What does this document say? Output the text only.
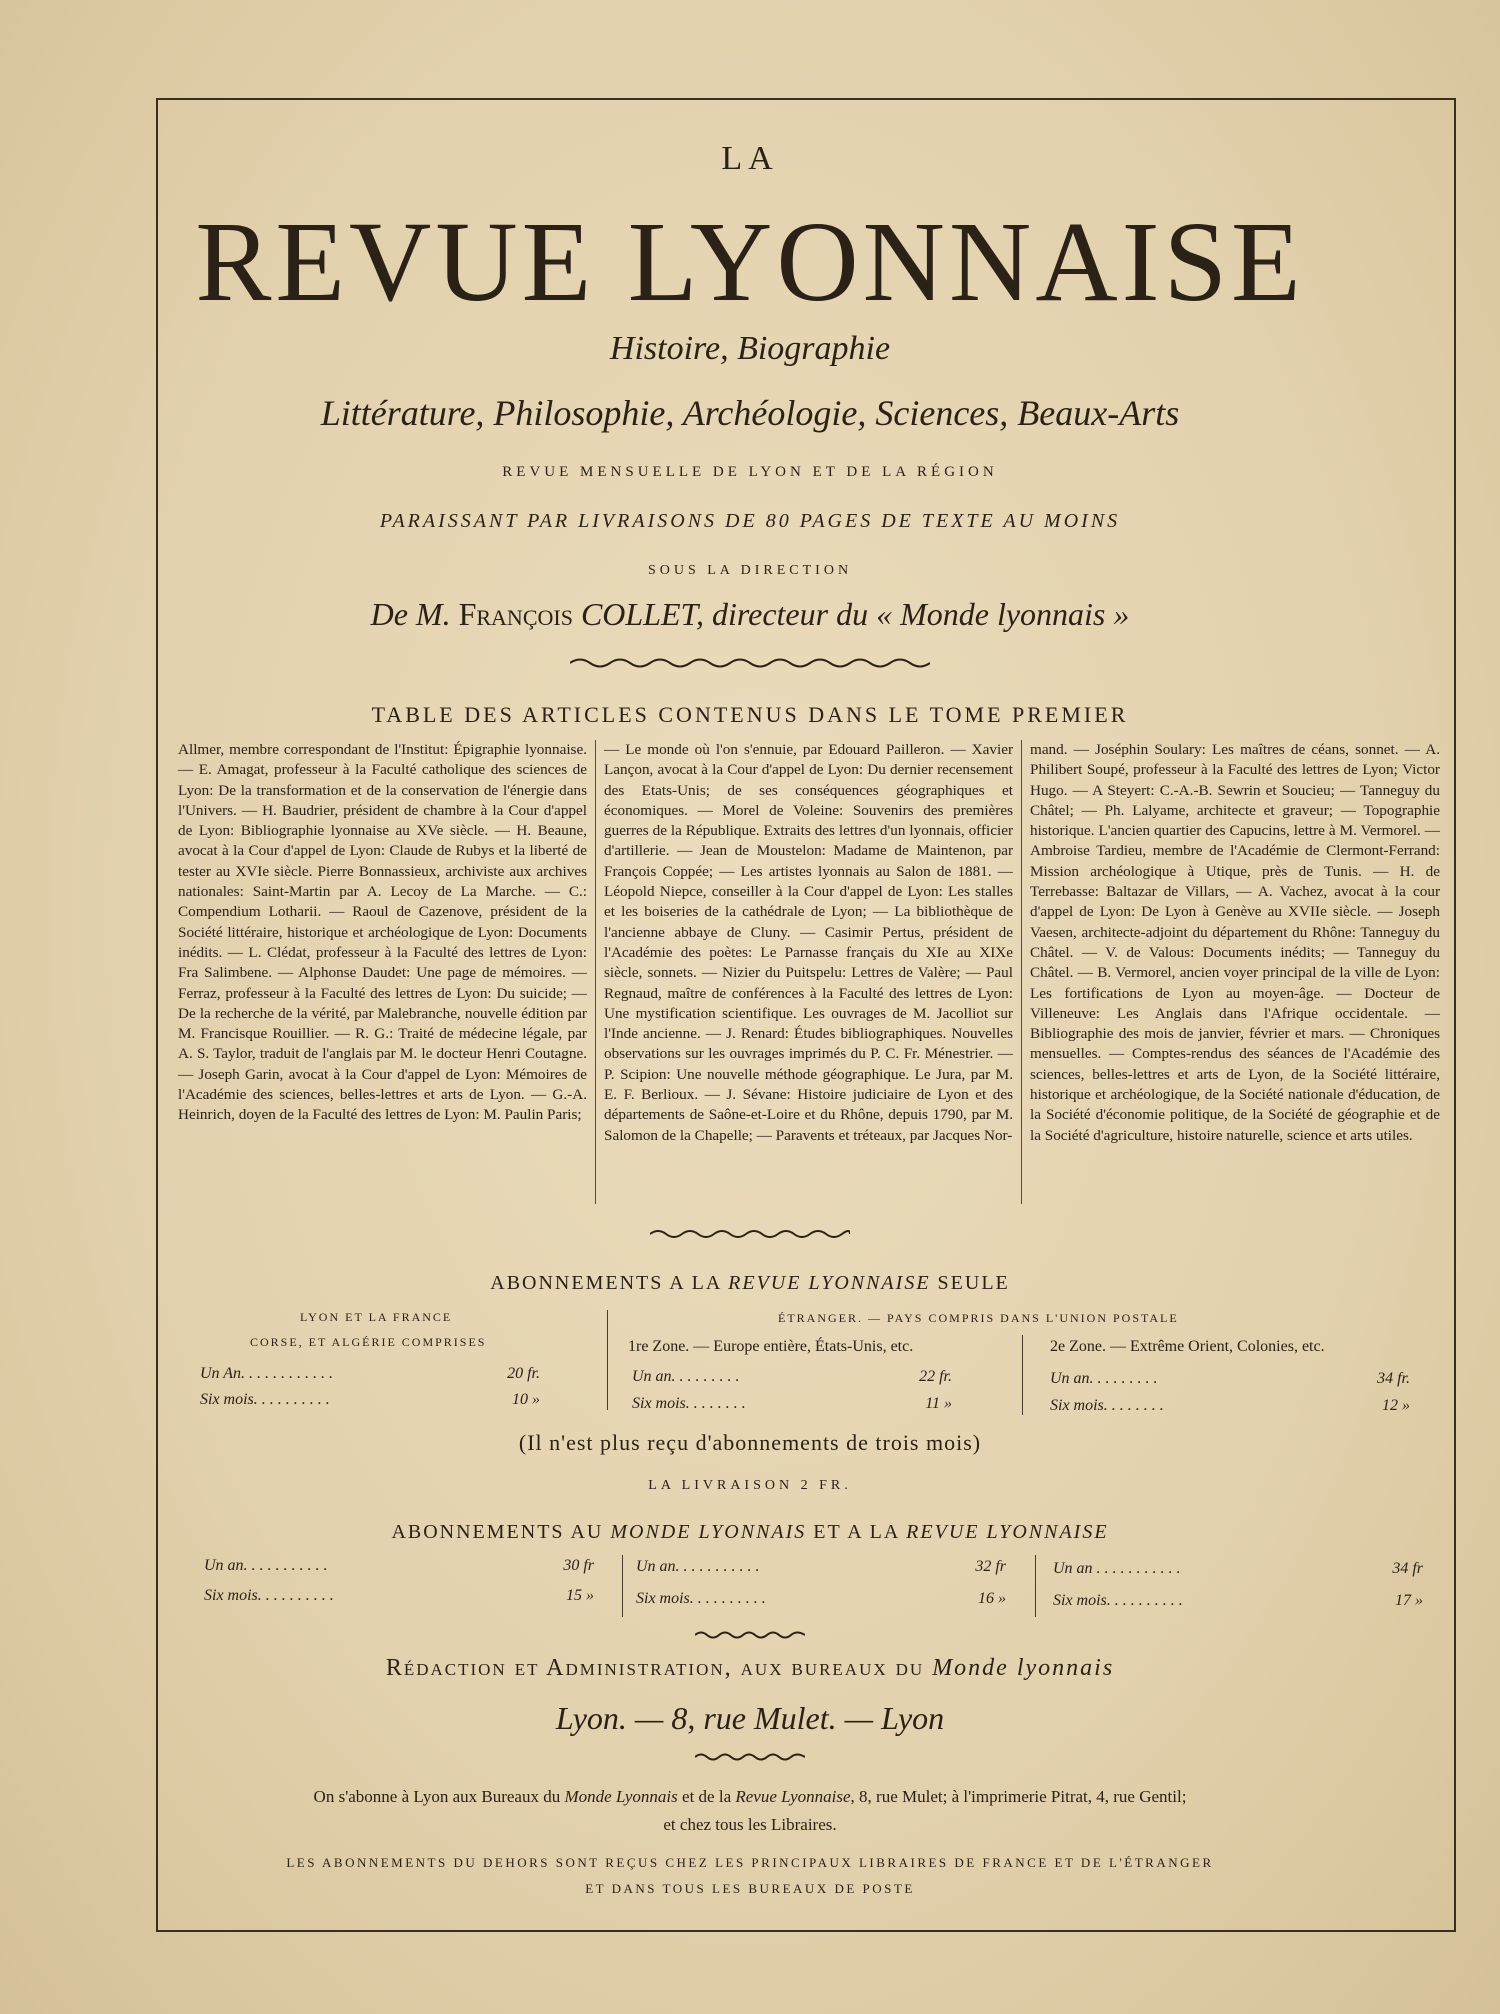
LA
REVUE LYONNAISE
Histoire, Biographie
Littérature, Philosophie, Archéologie, Sciences, Beaux-Arts
REVUE MENSUELLE DE LYON ET DE LA RÉGION
PARAISSANT PAR LIVRAISONS DE 80 PAGES DE TEXTE AU MOINS
SOUS LA DIRECTION
De M. François COLLET, directeur du « Monde lyonnais »
TABLE DES ARTICLES CONTENUS DANS LE TOME PREMIER
Allmer, membre correspondant de l'Institut: Épigraphie lyonnaise. — E. Amagat, professeur à la Faculté catholique des sciences de Lyon: De la transformation et de la conservation de l'énergie dans l'Univers. — H. Baudrier, président de chambre à la Cour d'appel de Lyon: Bibliographie lyonnaise au XVe siècle. — H. Beaune, avocat à la Cour d'appel de Lyon: Claude de Rubys et la liberté de tester au XVIe siècle. Pierre Bonnassieux, archiviste aux archives nationales: Saint-Martin par A. Lecoy de La Marche. — C.: Compendium Lotharii. — Raoul de Cazenove, président de la Société littéraire, historique et archéologique de Lyon: Documents inédits. — L. Clédat, professeur à la Faculté des lettres de Lyon: Fra Salimbene. — Alphonse Daudet: Une page de mémoires. — Ferraz, professeur à la Faculté des lettres de Lyon: Du suicide; — De la recherche de la vérité, par Malebranche, nouvelle édition par M. Francisque Rouillier. — R. G.: Traité de médecine légale, par A. S. Taylor, traduit de l'anglais par M. le docteur Henri Coutagne. — Joseph Garin, avocat à la Cour d'appel de Lyon: Mémoires de l'Académie des sciences, belles-lettres et arts de Lyon. — G.-A. Heinrich, doyen de la Faculté des lettres de Lyon: M. Paulin Paris;
— Le monde où l'on s'ennuie, par Edouard Pailleron. — Xavier Lançon, avocat à la Cour d'appel de Lyon: Du dernier recensement des Etats-Unis; de ses conséquences géographiques et économiques. — Morel de Voleine: Souvenirs des premières guerres de la République. Extraits des lettres d'un lyonnais, officier d'artillerie. — Jean de Moustelon: Madame de Maintenon, par François Coppée; — Les artistes lyonnais au Salon de 1881. — Léopold Niepce, conseiller à la Cour d'appel de Lyon: Les stalles et les boiseries de la cathédrale de Lyon; — La bibliothèque de l'ancienne abbaye de Cluny. — Casimir Pertus, président de l'Académie des poètes: Le Parnasse français du XIe au XIXe siècle, sonnets. — Nizier du Puitspelu: Lettres de Valère; — Paul Regnaud, maître de conférences à la Faculté des lettres de Lyon: Une mystification scientifique. Les ouvrages de M. Jacolliot sur l'Inde ancienne. — J. Renard: Études bibliographiques. Nouvelles observations sur les ouvrages imprimés du P. C. Fr. Ménestrier. — P. Scipion: Une nouvelle méthode géographique. Le Jura, par M. E. F. Berlioux. — J. Sévane: Histoire judiciaire de Lyon et des départements de Saône-et-Loire et du Rhône, depuis 1790, par M. Salomon de la Chapelle; — Paravents et tréteaux, par Jacques Nor-
mand. — Joséphin Soulary: Les maîtres de céans, sonnet. — A. Philibert Soupé, professeur à la Faculté des lettres de Lyon; Victor Hugo. — A Steyert: C.-A.-B. Sewrin et Soucieu; — Tanneguy du Châtel; — Ph. Lalyame, architecte et graveur; — Topographie historique. L'ancien quartier des Capucins, lettre à M. Vermorel. — Ambroise Tardieu, membre de l'Académie de Clermont-Ferrand: Mission archéologique à Utique, près de Tunis. — H. de Terrebasse: Baltazar de Villars, — A. Vachez, avocat à la cour d'appel de Lyon: De Lyon à Genève au XVIIe siècle. — Joseph Vaesen, architecte-adjoint du département du Rhône: Tanneguy du Châtel. — V. de Valous: Documents inédits; — Tanneguy du Châtel. — B. Vermorel, ancien voyer principal de la ville de Lyon: Les fortifications de Lyon au moyen-âge. — Docteur de Villeneuve: Les Anglais dans l'Afrique occidentale. — Bibliographie des mois de janvier, février et mars. — Chroniques mensuelles. — Comptes-rendus des séances de l'Académie des sciences, belles-lettres et arts de Lyon, de la Société littéraire, historique et archéologique, de la Société nationale d'éducation, de la Société d'économie politique, de la Société de géographie et de la Société d'agriculture, histoire naturelle, science et arts utiles.
ABONNEMENTS A LA REVUE LYONNAISE SEULE
LYON ET LA FRANCE
CORSE, ET ALGÉRIE COMPRISES
ÉTRANGER. — PAYS COMPRIS DANS L'UNION POSTALE
1re Zone. — Europe entière, États-Unis, etc.	2e Zone. — Extrême Orient, Colonies, etc.
Un An. . . . . . . . . . . .	20 fr.
Six mois. . . . . . . . . .	10 »
Un an. . . . . . . . .	22 fr.
Six mois. . . . . . . .	11 »
Un an. . . . . . . . .	34 fr.
Six mois. . . . . . . .	12 »
(Il n'est plus reçu d'abonnements de trois mois)
LA LIVRAISON 2 FR.
ABONNEMENTS AU MONDE LYONNAIS ET A LA REVUE LYONNAISE
Un an. . . . . . . . . . .	30 fr
Six mois. . . . . . . . . .	15 »
Un an. . . . . . . . . . .	32 fr
Six mois. . . . . . . . . .	16 »
Un an . . . . . . . . . . .	34 fr
Six mois. . . . . . . . . .	17 »
Rédaction et Administration, aux bureaux du Monde lyonnais
Lyon. — 8, rue Mulet. — Lyon
On s'abonne à Lyon aux Bureaux du Monde Lyonnais et de la Revue Lyonnaise, 8, rue Mulet; à l'imprimerie Pitrat, 4, rue Gentil;
et chez tous les Libraires.
LES ABONNEMENTS DU DEHORS SONT REÇUS CHEZ LES PRINCIPAUX LIBRAIRES DE FRANCE ET DE L'ÉTRANGER
ET DANS TOUS LES BUREAUX DE POSTE
